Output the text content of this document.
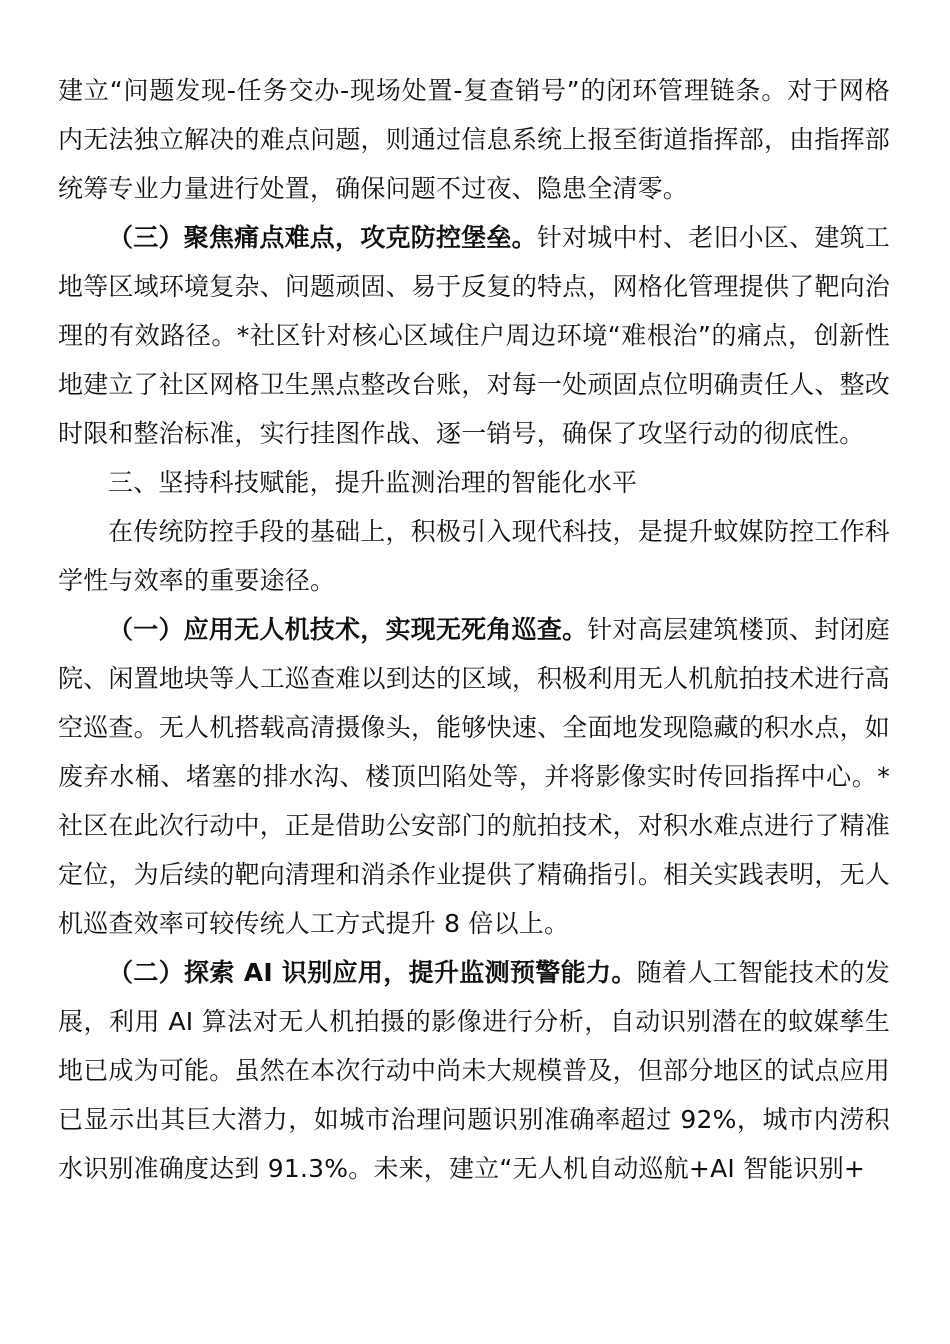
建立“问题发现-任务交办-现场处置-复查销号”的闭环管理链条。对于网格内无法独立解决的难点问题，则通过信息系统上报至街道指挥部，由指挥部统筹专业力量进行处置，确保问题不过夜、隐患全清零。

（三）聚焦痛点难点，攻克防控堡垒。针对城中村、老旧小区、建筑工地等区域环境复杂、问题顽固、易于反复的特点，网格化管理提供了靶向治理的有效路径。*社区针对核心区域住户周边环境“难根治”的痛点，创新性地建立了社区网格卫生黑点整改台账，对每一处顽固点位明确责任人、整改时限和整治标准，实行挂图作战、逐一销号，确保了攻坚行动的彻底性。

三、坚持科技赋能，提升监测治理的智能化水平

在传统防控手段的基础上，积极引入现代科技，是提升蚊媒防控工作科学性与效率的重要途径。

（一）应用无人机技术，实现无死角巡查。针对高层建筑楼顶、封闭庭院、闲置地块等人工巡查难以到达的区域，积极利用无人机航拍技术进行高空巡查。无人机搭载高清摄像头，能够快速、全面地发现隐藏的积水点，如废弃水桶、堵塞的排水沟、楼顶凹陷处等，并将影像实时传回指挥中心。*社区在此次行动中，正是借助公安部门的航拍技术，对积水难点进行了精准定位，为后续的靶向清理和消杀作业提供了精确指引。相关实践表明，无人机巡查效率可较传统人工方式提升 8 倍以上。

（二）探索 AI 识别应用，提升监测预警能力。随着人工智能技术的发展，利用 AI 算法对无人机拍摄的影像进行分析，自动识别潜在的蚊媒孳生地已成为可能。虽然在本次行动中尚未大规模普及，但部分地区的试点应用已显示出其巨大潜力，如城市治理问题识别准确率超过 92%，城市内涝积水识别准确度达到 91.3%。未来，建立“无人机自动巡航+AI 智能识别+
